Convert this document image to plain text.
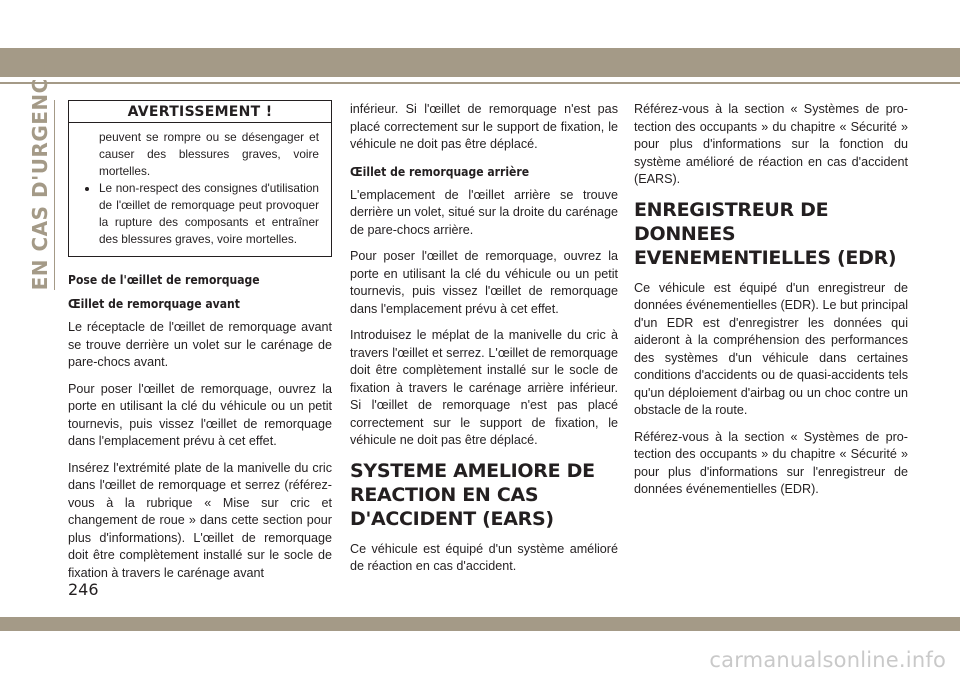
EN CAS D'URGENCE	AVERTISSEMENT !

peuvent se rompre ou se désengager et causer des blessures graves, voire mortelles.

• Le non-respect des consignes d'utilisation de l'œillet de remorquage peut provoquer la rupture des composants et entraîner des blessures graves, voire mortelles.
Pose de l'œillet de remorquage
Œillet de remorquage avant

Le réceptacle de l'œillet de remorquage avant se trouve derrière un volet sur le carénage de pare-chocs avant.

Pour poser l'œillet de remorquage, ouvrez la porte en utilisant la clé du véhicule ou un petit tournevis, puis vissez l'œillet de remorquage dans l'emplacement prévu à cet effet.

Insérez l'extrémité plate de la manivelle du cric dans l'œillet de remorquage et serrez (référez-vous à la rubrique « Mise sur cric et changement de roue » dans cette section pour plus d'informations). L'œillet de remorquage doit être complètement installé sur le socle de fixation à travers le carénage avant

inférieur. Si l'œillet de remorquage n'est pas placé correctement sur le support de fixation, le véhicule ne doit pas être déplacé.

Œillet de remorquage arrière

L'emplacement de l'œillet arrière se trouve derrière un volet, situé sur la droite du carénage de pare-chocs arrière.

Pour poser l'œillet de remorquage, ouvrez la porte en utilisant la clé du véhicule ou un petit tournevis, puis vissez l'œillet de remorquage dans l'emplacement prévu à cet effet.

Introduisez le méplat de la manivelle du cric à travers l'œillet et serrez. L'œillet de remorquage doit être complètement installé sur le socle de fixation à travers le carénage arrière inférieur. Si l'œillet de remorquage n'est pas placé correctement sur le support de fixation, le véhicule ne doit pas être déplacé.

SYSTEME AMELIORE DE REACTION EN CAS D'ACCIDENT (EARS)

Ce véhicule est équipé d'un système amélioré de réaction en cas d'accident.

Référez-vous à la section « Systèmes de protection des occupants » du chapitre « Sécurité » pour plus d'informations sur la fonction du système amélioré de réaction en cas d'accident (EARS).

ENREGISTREUR DE DONNEES EVENEMENTIELLES (EDR)

Ce véhicule est équipé d'un enregistreur de données événementielles (EDR). Le but principal d'un EDR est d'enregistrer les données qui aideront à la compréhension des performances des systèmes d'un véhicule dans certaines conditions d'accidents ou de quasi-accidents tels qu'un déploiement d'airbag ou un choc contre un obstacle de la route.

Référez-vous à la section « Systèmes de protection des occupants » du chapitre « Sécurité » pour plus d'informations sur l'enregistreur de données événementielles (EDR).

246
carmanualsonline.info
